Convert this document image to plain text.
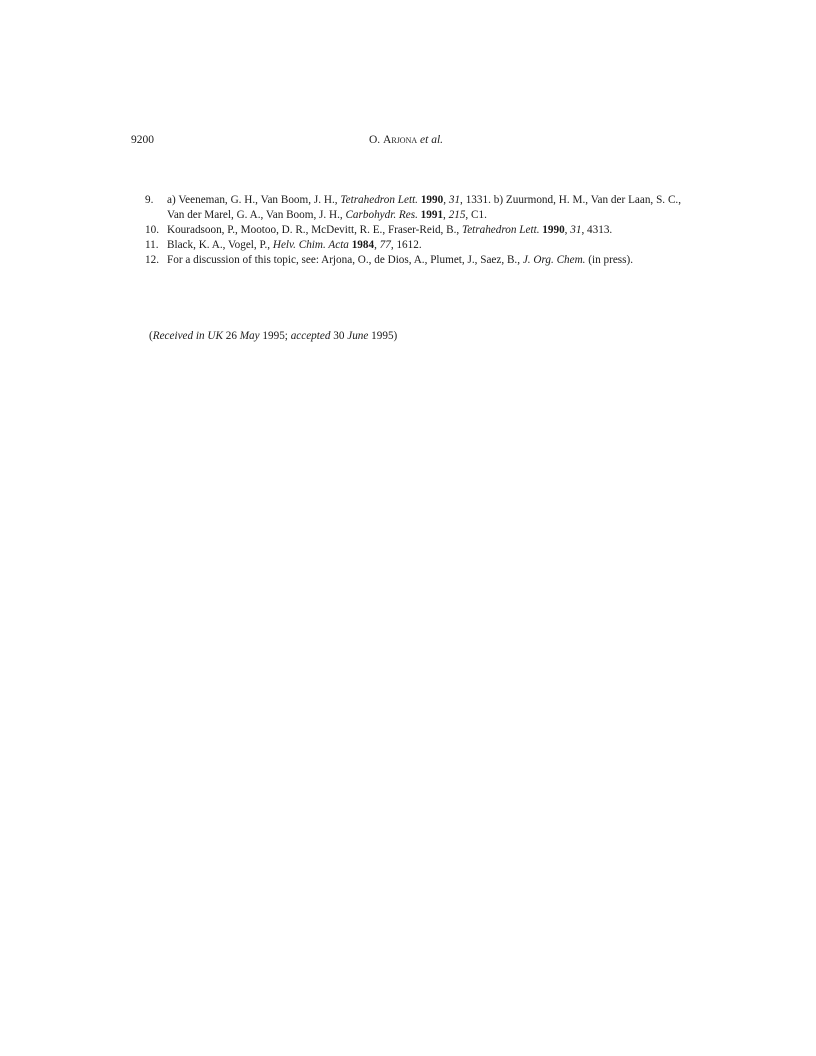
9200	O. Arjona et al.
9.	a) Veeneman, G. H., Van Boom, J. H., Tetrahedron Lett. 1990, 31, 1331. b) Zuurmond, H. M., Van der Laan, S. C., Van der Marel, G. A., Van Boom, J. H., Carbohydr. Res. 1991, 215, C1.
10. Kouradsoon, P., Mootoo, D. R., McDevitt, R. E., Fraser-Reid, B., Tetrahedron Lett. 1990, 31, 4313.
11. Black, K. A., Vogel, P., Helv. Chim. Acta 1984, 77, 1612.
12. For a discussion of this topic, see: Arjona, O., de Dios, A., Plumet, J., Saez, B., J. Org. Chem. (in press).
(Received in UK 26 May 1995; accepted 30 June 1995)
